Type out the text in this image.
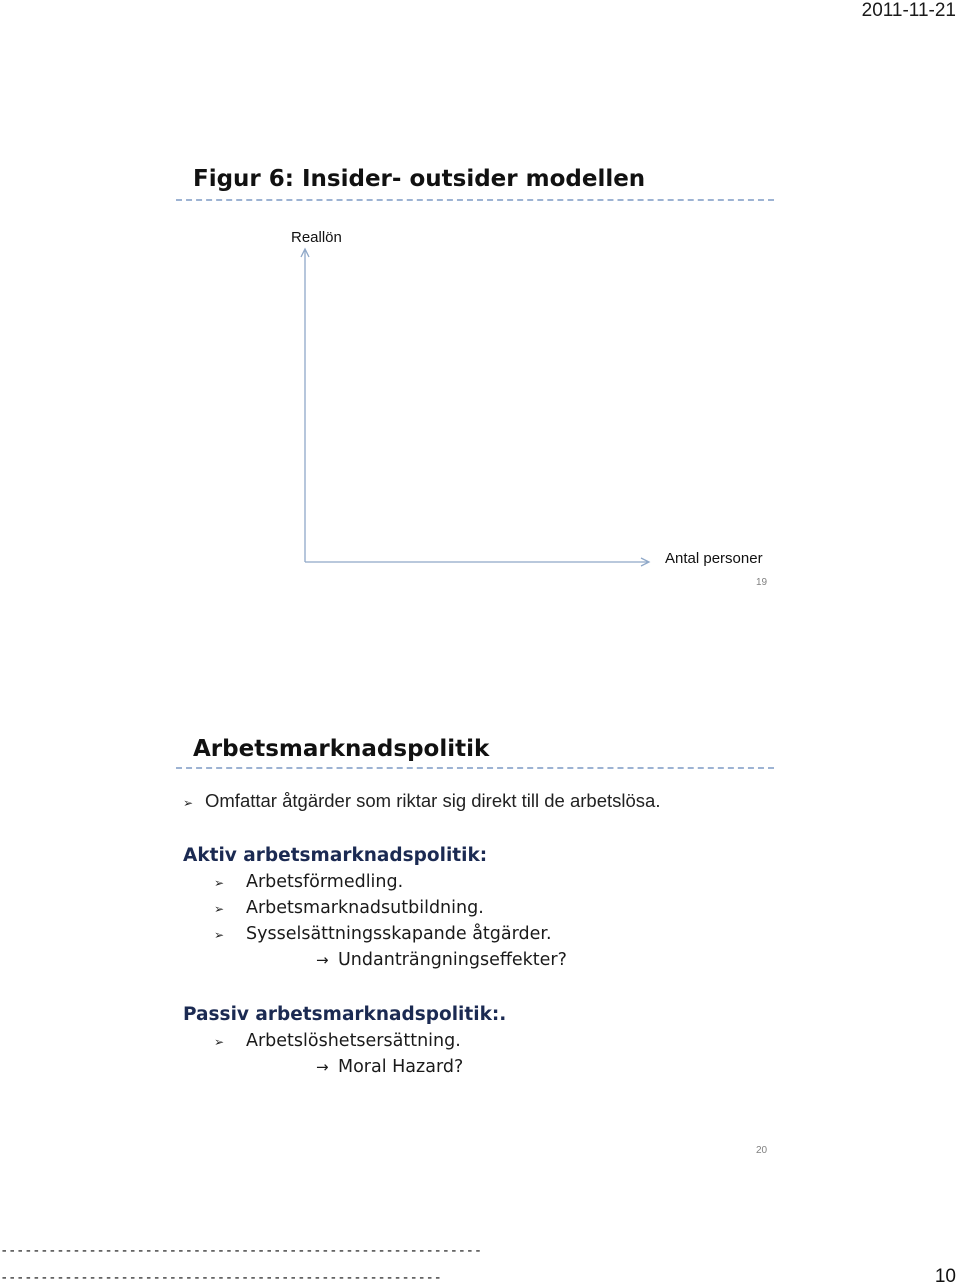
2011-11-21
Figur 6: Insider- outsider modellen
Reallön
Antal personer
19
Arbetsmarknadspolitik
➢ Omfattar åtgärder som riktar sig direkt till de arbetslösa.
Aktiv arbetsmarknadspolitik:
➢	Arbetsförmedling.
➢	Arbetsmarknadsutbildning.
➢	Sysselsättningsskapande åtgärder.
→ Undanträngningseffekter?
Passiv arbetsmarknadspolitik:.
➢	Arbetslöshetsersättning.
→ Moral Hazard?
20
------------------------------------------------------------
-------------------------------------------------------	10
